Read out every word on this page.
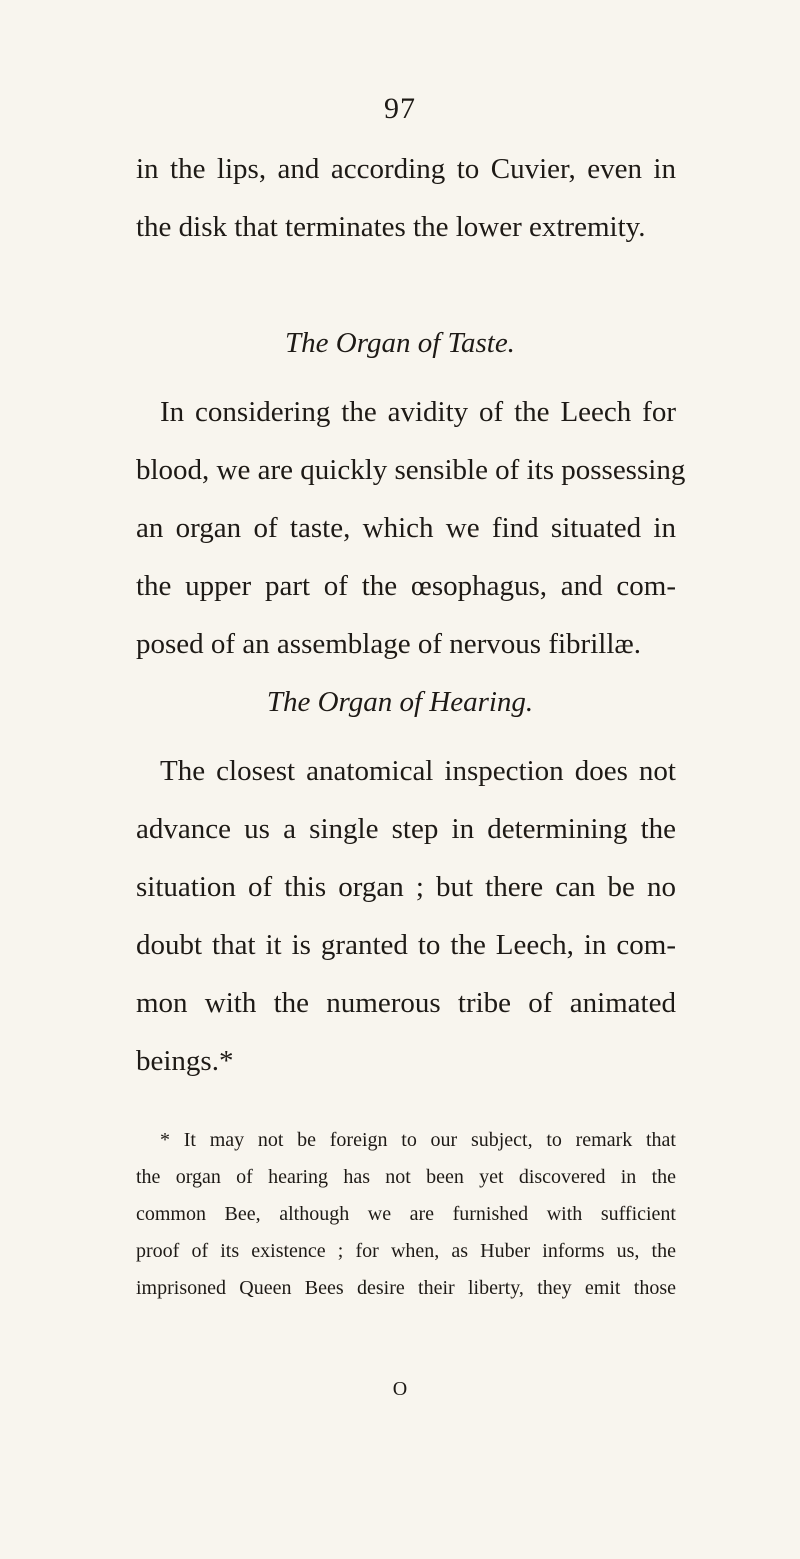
97
in the lips, and according to Cuvier, even in
the disk that terminates the lower extremity.
The Organ of Taste.
In considering the avidity of the Leech for
blood, we are quickly sensible of its possessing
an organ of taste, which we find situated in
the upper part of the œsophagus, and com-
posed of an assemblage of nervous fibrillæ.
The Organ of Hearing.
The closest anatomical inspection does not
advance us a single step in determining the
situation of this organ ; but there can be no
doubt that it is granted to the Leech, in com-
mon with the numerous tribe of animated
beings.*
* It may not be foreign to our subject, to remark that
the organ of hearing has not been yet discovered in the
common Bee, although we are furnished with sufficient
proof of its existence ; for when, as Huber informs us, the
imprisoned Queen Bees desire their liberty, they emit those
O
